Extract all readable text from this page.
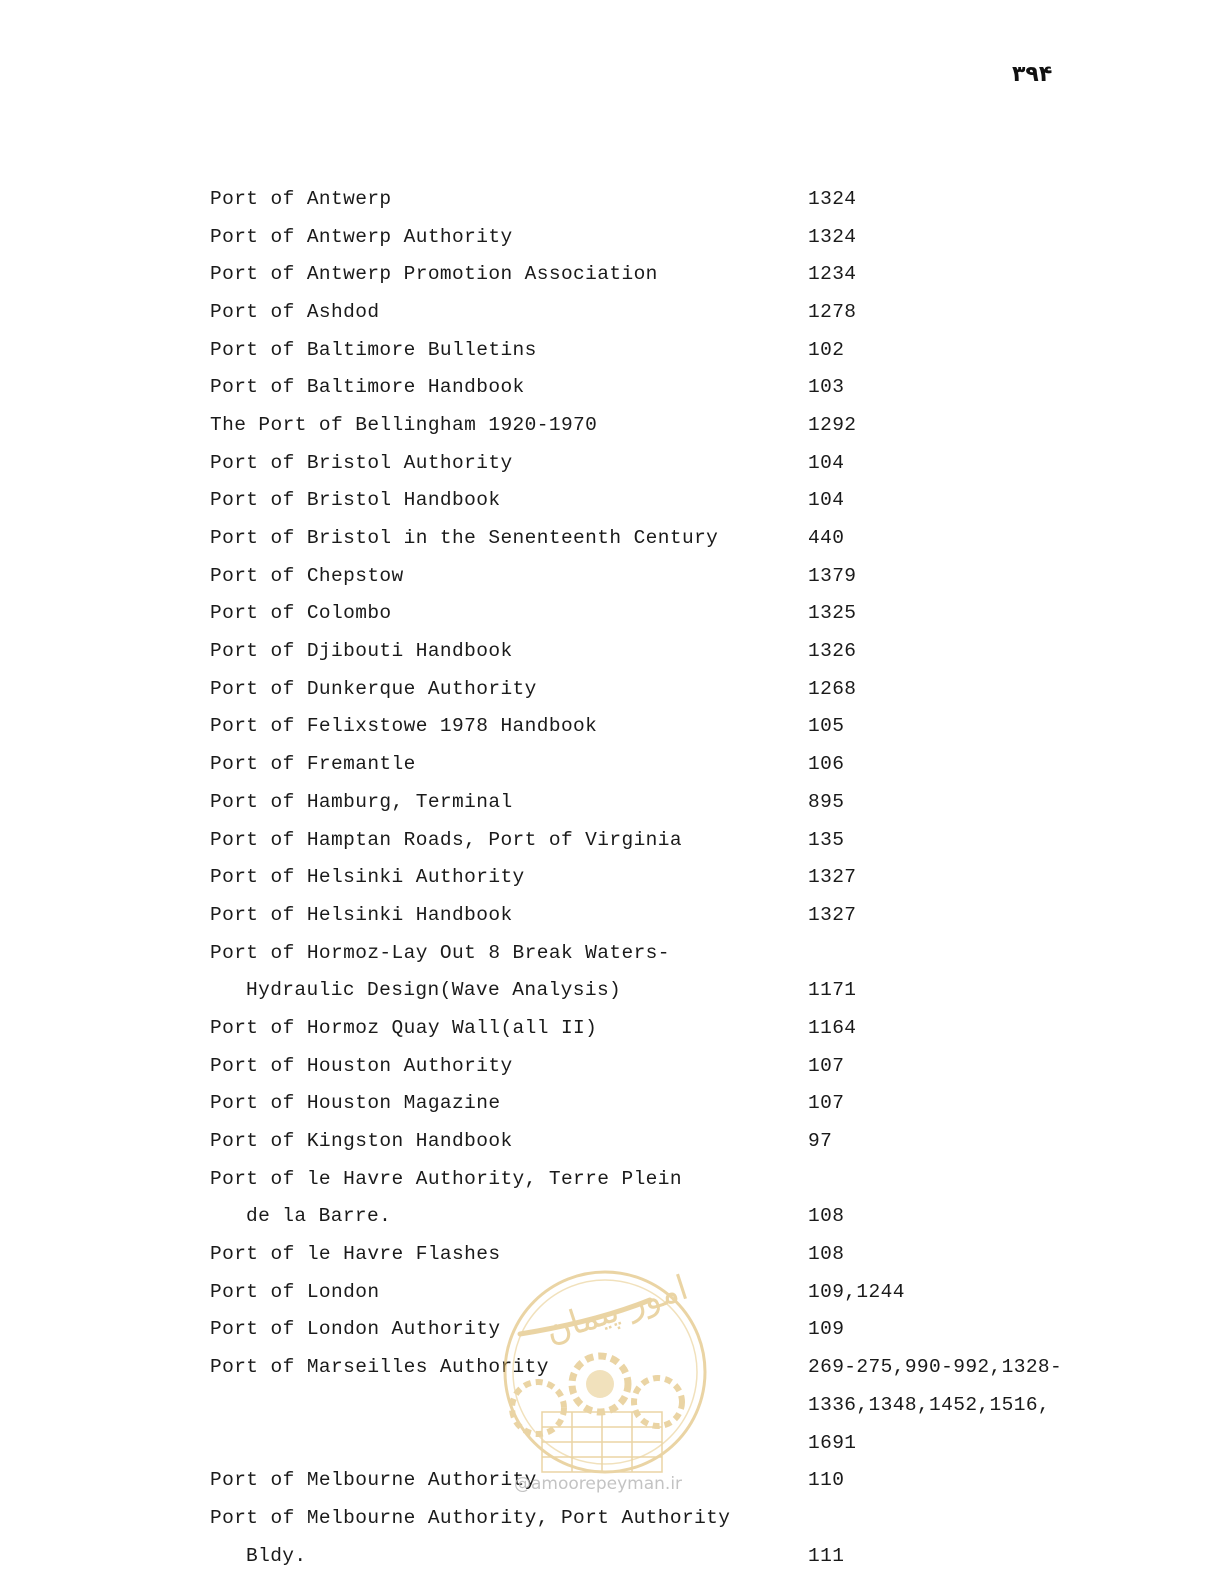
۳۹۴
Port of Antwerp	1324
Port of Antwerp Authority	1324
Port of Antwerp Promotion Association	1234
Port of Ashdod	1278
Port of Baltimore Bulletins	102
Port of Baltimore Handbook	103
The Port of Bellingham 1920-1970	1292
Port of Bristol Authority	104
Port of Bristol Handbook	104
Port of Bristol in the Senenteenth Century	440
Port of Chepstow	1379
Port of Colombo	1325
Port of Djibouti Handbook	1326
Port of Dunkerque Authority	1268
Port of Felixstowe 1978 Handbook	105
Port of Fremantle	106
Port of Hamburg, Terminal	895
Port of Hamptan Roads, Port of Virginia	135
Port of Helsinki Authority	1327
Port of Helsinki Handbook	1327
Port of Hormoz-Lay Out 8 Break Waters-
Hydraulic Design(Wave Analysis)	1171
Port of Hormoz Quay Wall(all II)	1164
Port of Houston Authority	107
Port of Houston Magazine	107
Port of Kingston Handbook	97
Port of le Havre Authority, Terre Plein
de la Barre.	108
Port of le Havre Flashes	108
Port of London	109,1244
Port of London Authority	109
Port of Marseilles Authority	269-275,990-992,1328-
1336,1348,1452,1516,
1691
Port of Melbourne Authority	110
Port of Melbourne Authority, Port Authority
Bldy.	111
امور پیمان
@amoorepeyman.ir
